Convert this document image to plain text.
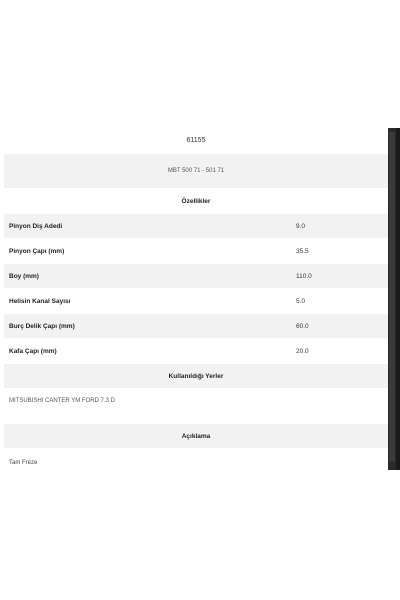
61155
MBT 500 71 - 501 71
Özellikler
Pinyon Diş Adedi	9.0
Pinyon Çapı (mm)	35.5
Boy (mm)	110.0
Helisin Kanal Sayısı	5.0
Burç Delik Çapı (mm)	60.0
Kafa Çapı (mm)	20.0
Kullanıldığı Yerler
MITSUBISHI CANTER YM FORD 7.3 D
Açıklama
Tam Freze
